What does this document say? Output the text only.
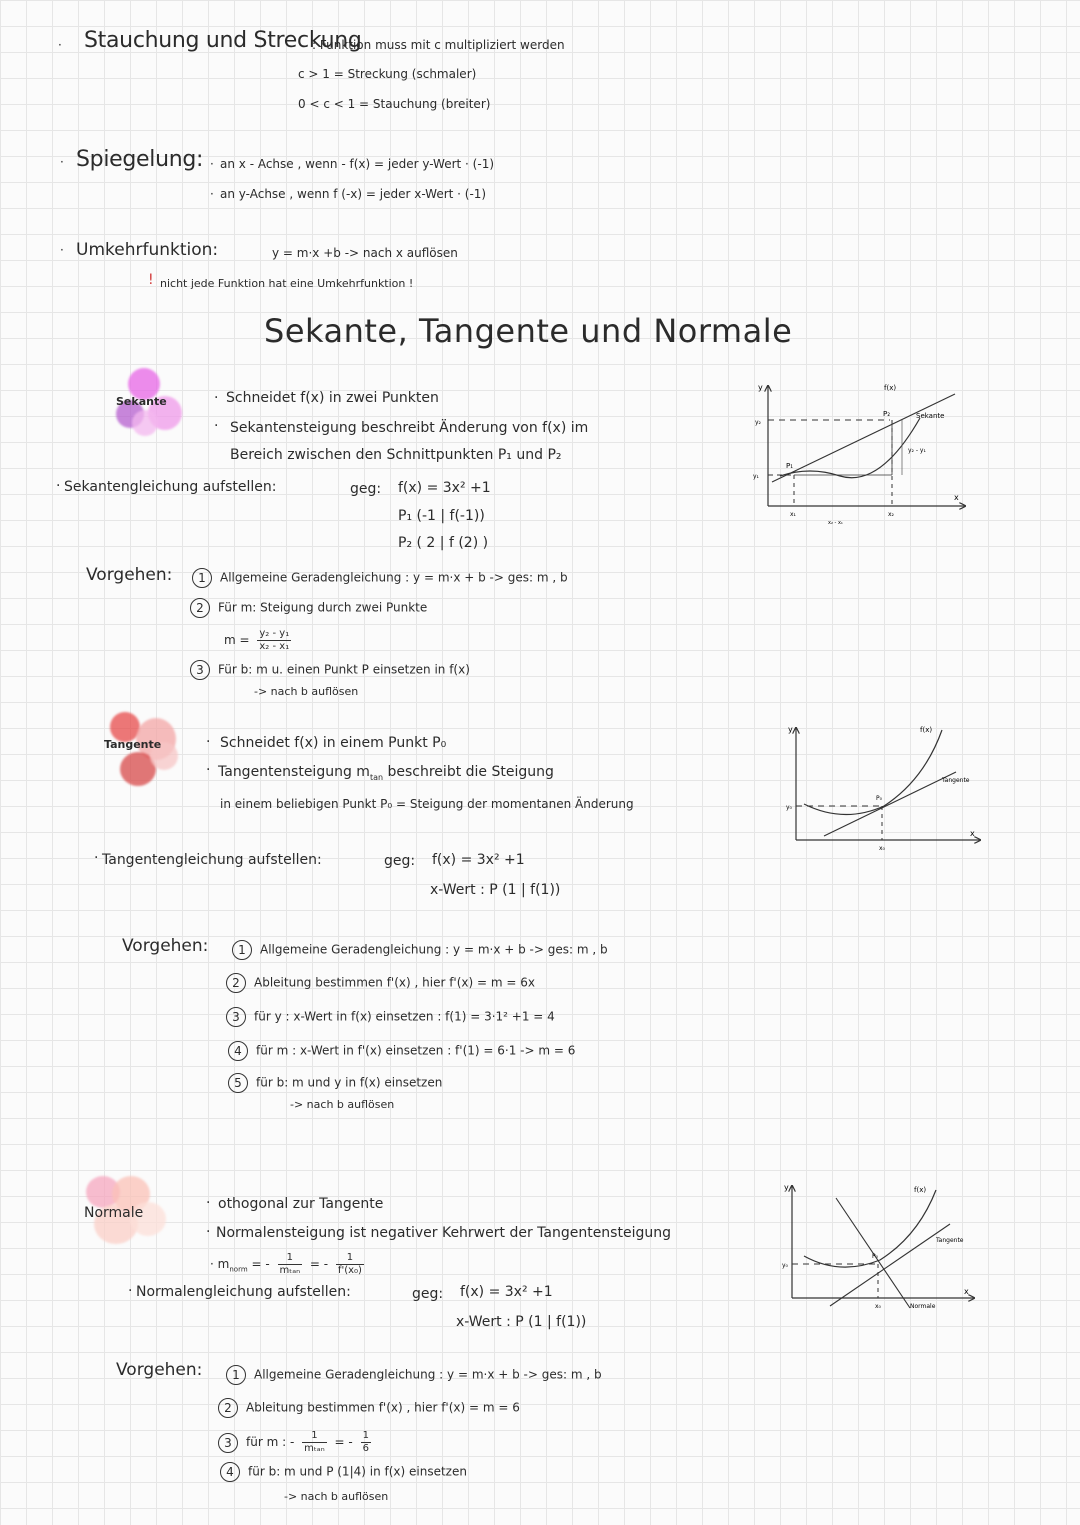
· Stauchung und Streckung
: Funktion muss mit c multipliziert werden
c > 1 = Streckung (schmaler)
0 < c < 1 = Stauchung (breiter)
· Spiegelung: · an x - Achse , wenn - f(x) = jeder y-Wert · (-1)
· an y-Achse , wenn f (-x) = jeder x-Wert · (-1)
· Umkehrfunktion:	y = m·x +b -> nach x auflösen
! nicht jede Funktion hat eine Umkehrfunktion !
Sekante, Tangente und Normale
Sekante	· Schneidet f(x) in zwei Punkten
· Sekantensteigung beschreibt Änderung von f(x) im
Bereich zwischen den Schnittpunkten P₁ und P₂
· Sekantengleichung aufstellen:	geg: f(x) = 3x² +1
P₁ (-1 | f(-1))
P₂ ( 2 | f (2) )
Vorgehen:	1 Allgemeine Geradengleichung : y = m·x + b -> ges: m , b
2 Für m: Steigung durch zwei Punkte
$m = \frac{\text{y₂ - y₁}}{\text{x₂ - x₁}}$
3 Für b: m u. einen Punkt P einsetzen in f(x)
-> nach b auflösen
y
x
f(x)
Sekante
P₁
P₂
y₂
y₁
x₁	x₂
y₂ - y₁
x₂ - x₁
Tangente	· Schneidet f(x) in einem Punkt P₀
· Tangentensteigung $m_{tan}$ beschreibt die Steigung
in einem beliebigen Punkt P₀ = Steigung der momentanen Änderung
· Tangentengleichung aufstellen:	geg: f(x) = 3x² +1
x-Wert : P (1 | f(1))
Vorgehen:	1 Allgemeine Geradengleichung : y = m·x + b -> ges: m , b
2 Ableitung bestimmen f'(x) , hier f'(x) = m = 6x
3 für y : x-Wert in f(x) einsetzen : f(1) = 3·1² +1 = 4
4 für m : x-Wert in f'(x) einsetzen : f'(1) = 6·1 -> m = 6
5 für b: m und y in f(x) einsetzen
-> nach b auflösen
y
x
f(x)
Tangente
P₀
y₀
x₀
Normale
· othogonal zur Tangente
· Normalensteigung ist negativer Kehrwert der Tangentensteigung
· $m_{norm}$ = - $\frac{1}{\text{mₜₐₙ}}$ = - $\frac{1}{\text{f'(x₀)}}$
· Normalengleichung aufstellen:	geg: f(x) = 3x² +1
x-Wert : P (1 | f(1))
Vorgehen:	1 Allgemeine Geradengleichung : y = m·x + b -> ges: m , b
2 Ableitung bestimmen f'(x) , hier f'(x) = m = 6
3 für m : - $\frac{1}{\text{mₜₐₙ}}$ = - $\frac{1}{6}$
4 für b: m und P (1|4) in f(x) einsetzen
-> nach b auflösen
y
x
f(x)
Tangente
Normale
P₀
y₀
x₀
